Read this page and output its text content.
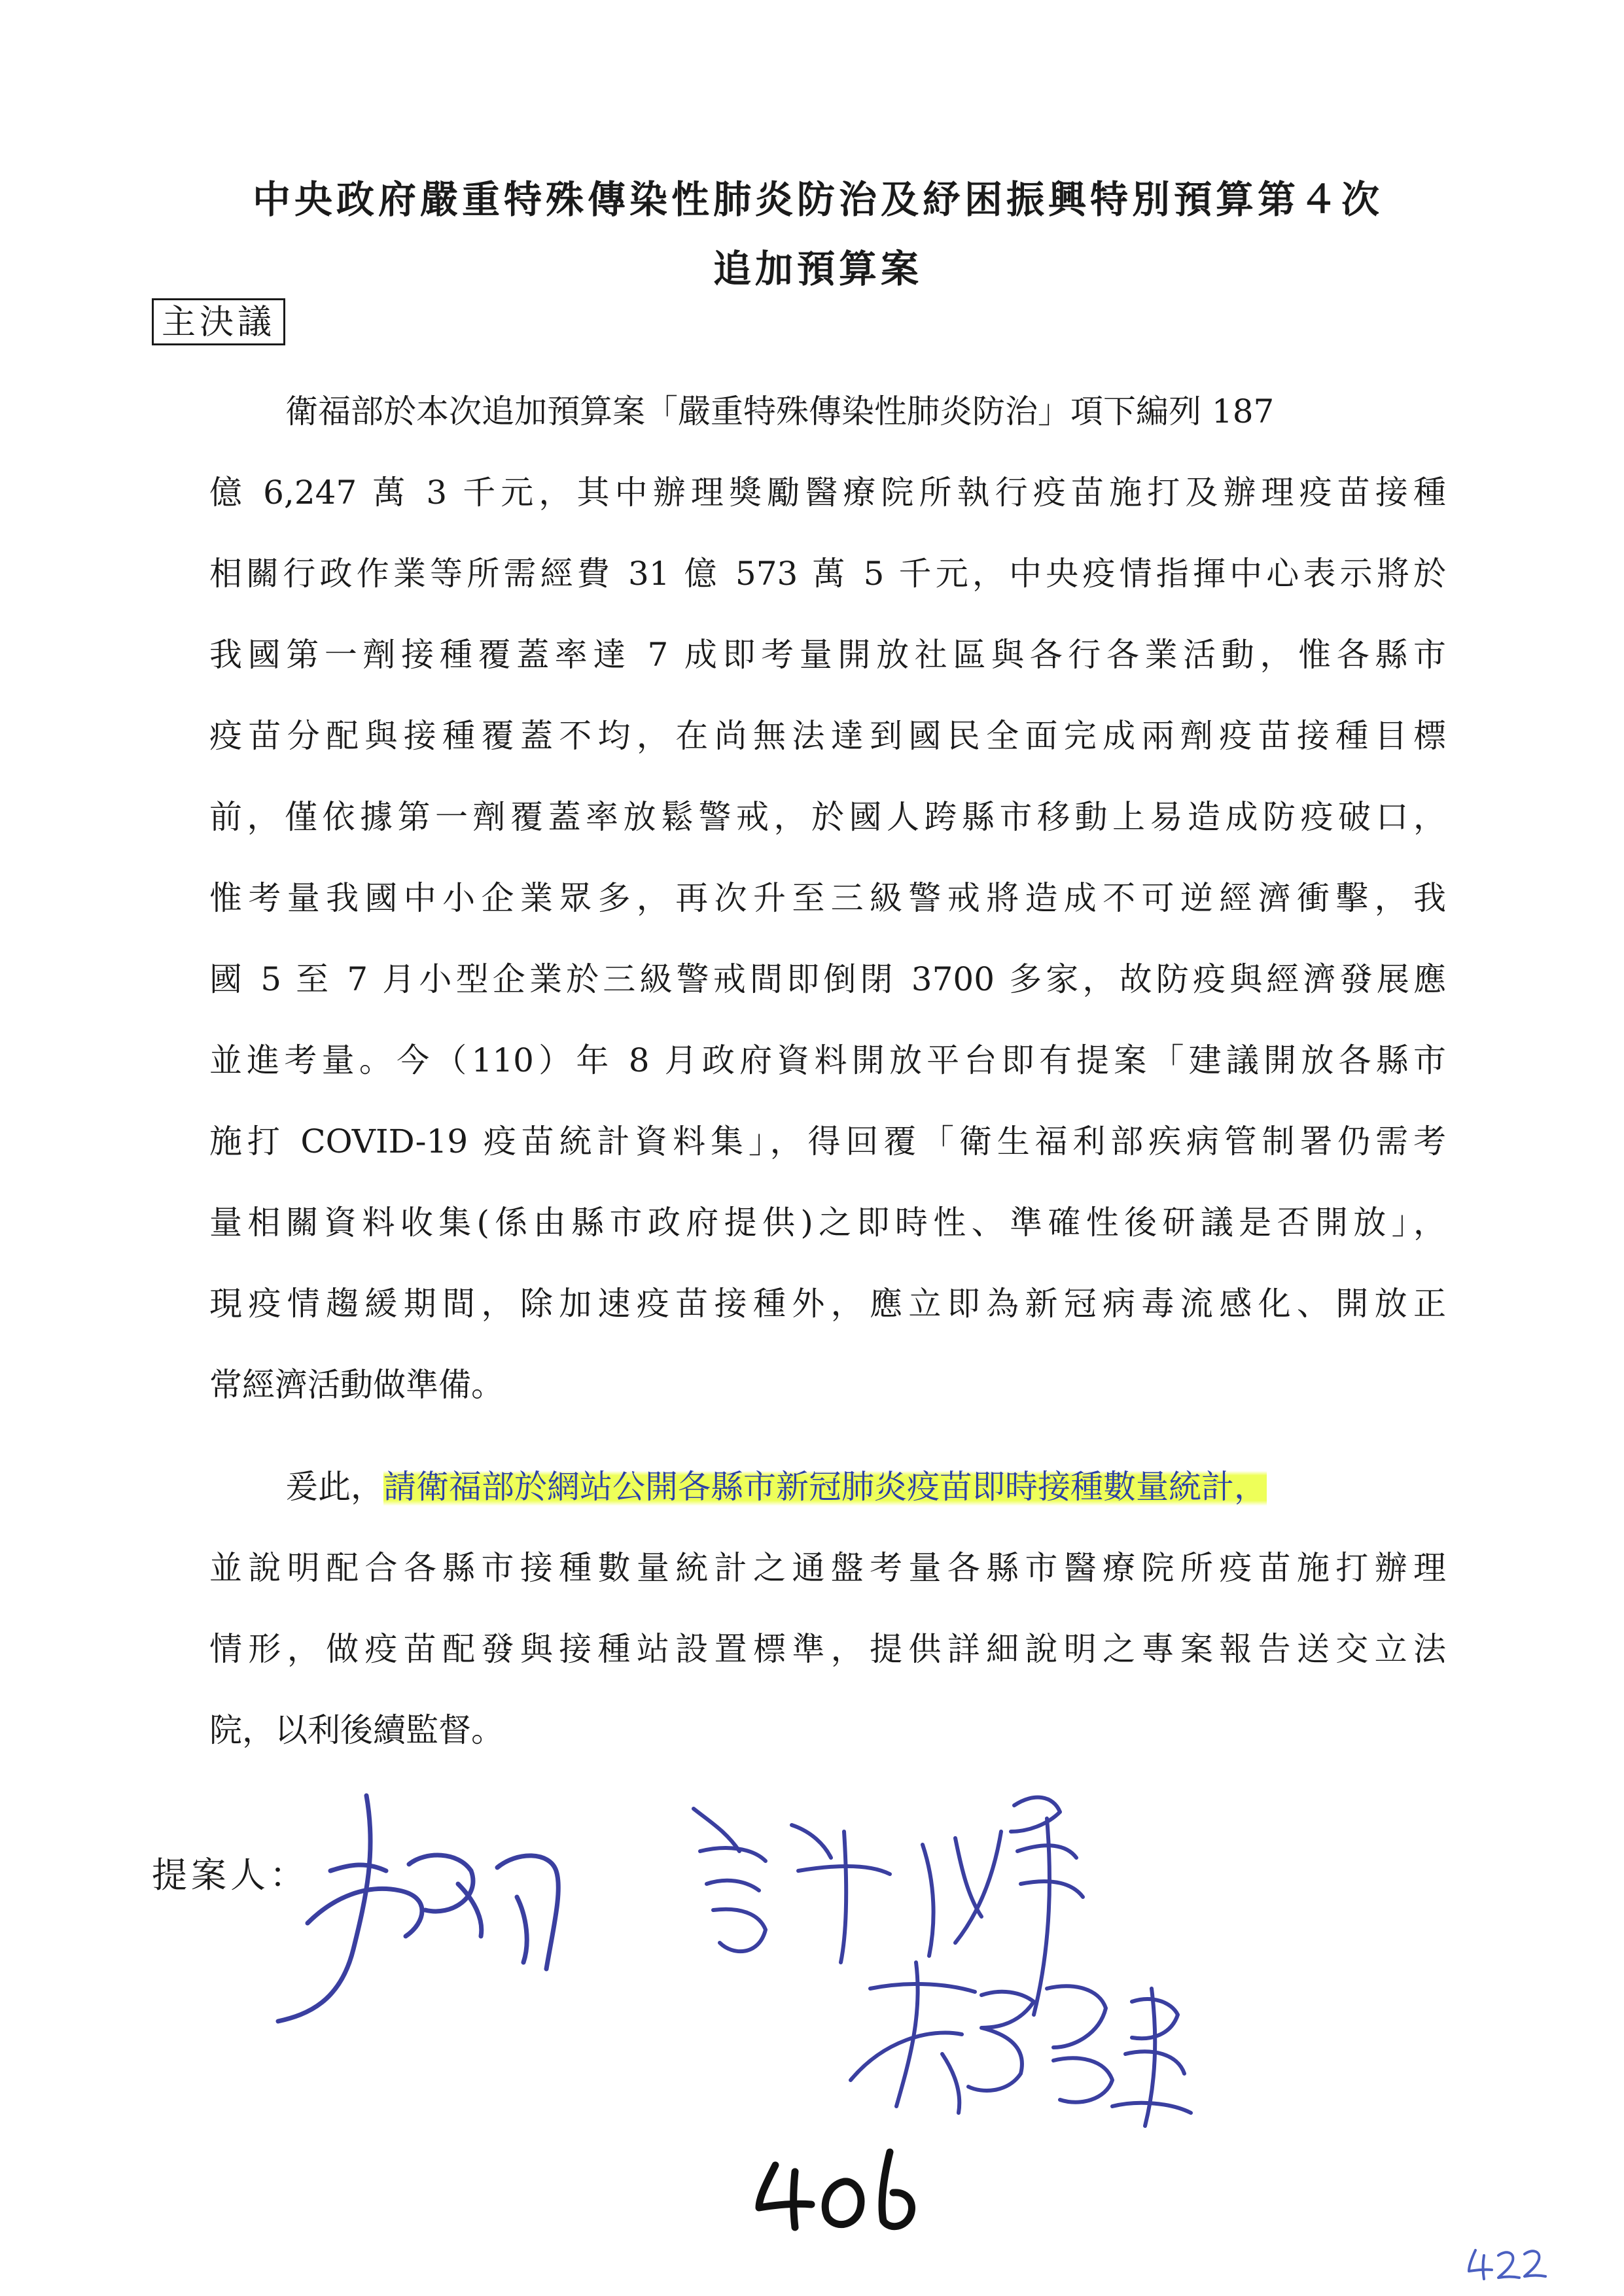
中央政府嚴重特殊傳染性肺炎防治及紓困振興特別預算第４次
追加預算案
主決議
衛福部於本次追加預算案「嚴重特殊傳染性肺炎防治」項下編列 187
億 6,247 萬 3 千元，其中辦理獎勵醫療院所執行疫苗施打及辦理疫苗接種
相關行政作業等所需經費 31 億 573 萬 5 千元，中央疫情指揮中心表示將於
我國第一劑接種覆蓋率達 7 成即考量開放社區與各行各業活動，惟各縣市
疫苗分配與接種覆蓋不均，在尚無法達到國民全面完成兩劑疫苗接種目標
前，僅依據第一劑覆蓋率放鬆警戒，於國人跨縣市移動上易造成防疫破口，
惟考量我國中小企業眾多，再次升至三級警戒將造成不可逆經濟衝擊，我
國 5 至 7 月小型企業於三級警戒間即倒閉 3700 多家，故防疫與經濟發展應
並進考量。今（110）年 8 月政府資料開放平台即有提案「建議開放各縣市
施打 COVID-19 疫苗統計資料集」，得回覆「衛生福利部疾病管制署仍需考
量相關資料收集(係由縣市政府提供)之即時性、準確性後研議是否開放」，
現疫情趨緩期間，除加速疫苗接種外，應立即為新冠病毒流感化、開放正
常經濟活動做準備。
爰此，請衛福部於網站公開各縣市新冠肺炎疫苗即時接種數量統計，
並說明配合各縣市接種數量統計之通盤考量各縣市醫療院所疫苗施打辦理
情形，做疫苗配發與接種站設置標準，提供詳細說明之專案報告送交立法
院，以利後續監督。
提案人：
